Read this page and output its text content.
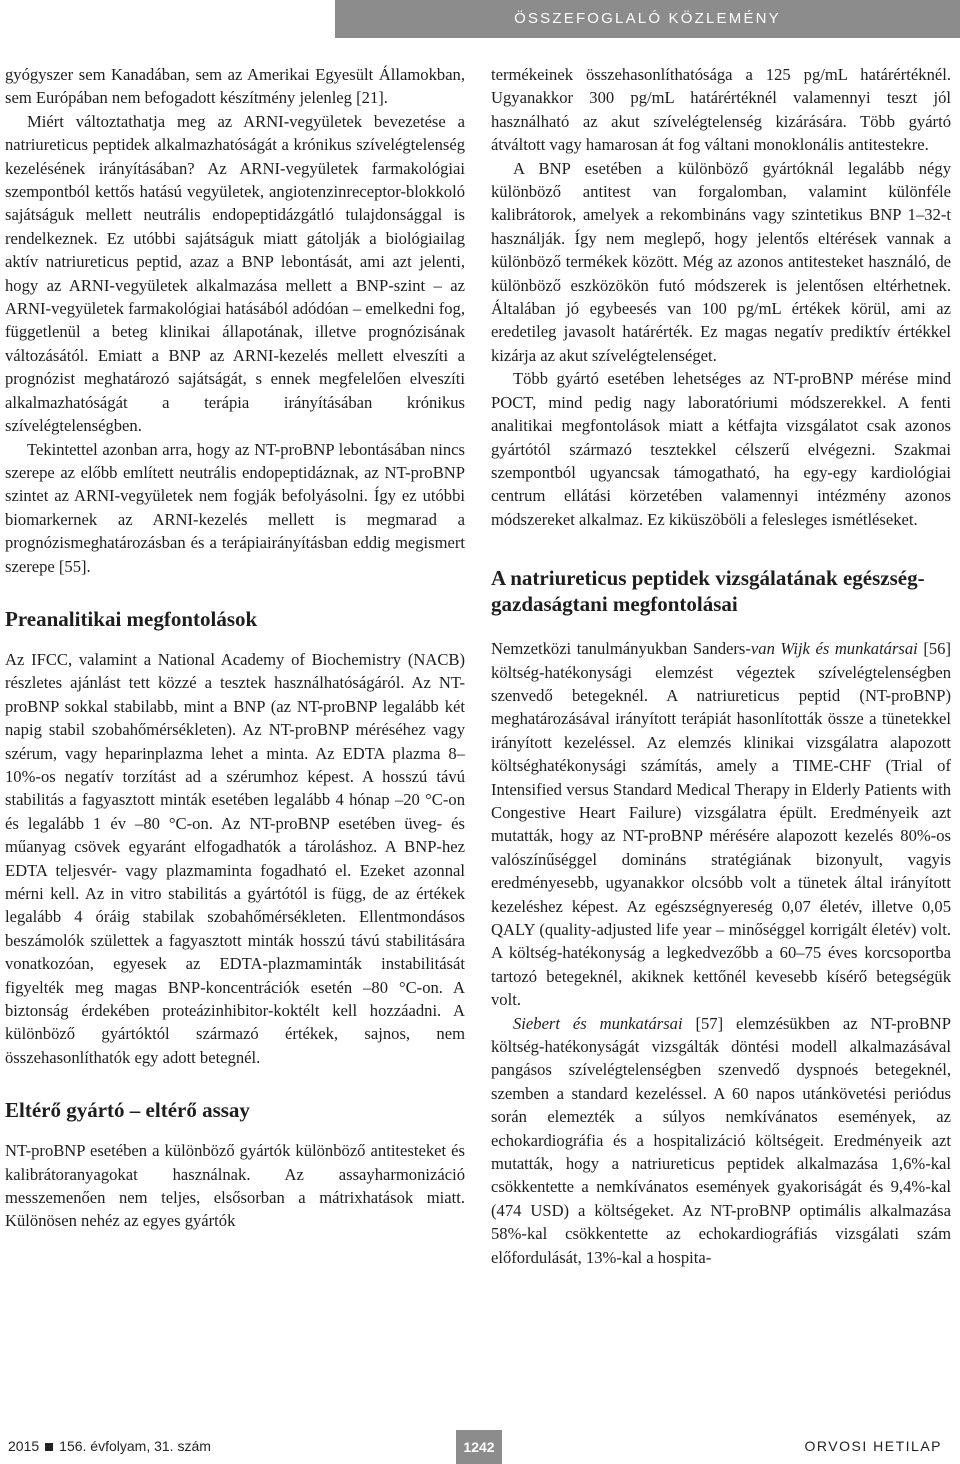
ÖSSZEFOGLALÓ KÖZLEMÉNY

gyógyszer sem Kanadában, sem az Amerikai Egyesült Államokban, sem Európában nem befogadott készítmény jelenleg [21].

Miért változtathatja meg az ARNI-vegyületek bevezetése a natriureticus peptidek alkalmazhatóságát a krónikus szívelégtelenség kezelésének irányításában? Az ARNI-vegyületek farmakológiai szempontból kettős hatású vegyületek, angiotenzinreceptor-blokkoló sajátságuk mellett neutrális endopeptidázgátló tulajdonsággal is rendelkeznek. Ez utóbbi sajátságuk miatt gátolják a biológiailag aktív natriureticus peptid, azaz a BNP lebontását, ami azt jelenti, hogy az ARNI-vegyületek alkalmazása mellett a BNP-szint – az ARNI-vegyületek farmakológiai hatásából adódóan – emelkedni fog, függetlenül a beteg klinikai állapotának, illetve prognózisának változásától. Emiatt a BNP az ARNI-kezelés mellett elveszíti a prognózist meghatározó sajátságát, s ennek megfelelően elveszíti alkalmazhatóságát a terápia irányításában krónikus szívelégtelenségben.

Tekintettel azonban arra, hogy az NT-proBNP lebontásában nincs szerepe az előbb említett neutrális endopeptidáznak, az NT-proBNP szintet az ARNI-vegyületek nem fogják befolyásolni. Így ez utóbbi biomarkernek az ARNI-kezelés mellett is megmarad a prognózismeghatározásban és a terápiairányításban eddig megismert szerepe [55].

Preanalitikai megfontolások

Az IFCC, valamint a National Academy of Biochemistry (NACB) részletes ajánlást tett közzé a tesztek használhatóságáról. Az NT-proBNP sokkal stabilabb, mint a BNP (az NT-proBNP legalább két napig stabil szobahőmérsékleten). Az NT-proBNP méréséhez vagy szérum, vagy heparinplazma lehet a minta. Az EDTA plazma 8–10%-os negatív torzítást ad a szérumhoz képest. A hosszú távú stabilitás a fagyasztott minták esetében legalább 4 hónap –20 °C-on és legalább 1 év –80 °C-on. Az NT-proBNP esetében üveg- és műanyag csövek egyaránt elfogadhatók a tároláshoz. A BNP-hez EDTA teljesvér- vagy plazmaminta fogadható el. Ezeket azonnal mérni kell. Az in vitro stabilitás a gyártótól is függ, de az értékek legalább 4 óráig stabilak szobahőmérsékleten. Ellentmondásos beszámolók születtek a fagyasztott minták hosszú távú stabilitására vonatkozóan, egyesek az EDTA-plazmaminták instabilitását figyelték meg magas BNP-koncentrációk esetén –80 °C-on. A biztonság érdekében proteázinhibitor-koktélt kell hozzáadni. A különböző gyártóktól származó értékek, sajnos, nem összehasonlíthatók egy adott betegnél.

Eltérő gyártó – eltérő assay

NT-proBNP esetében a különböző gyártók különböző antitesteket és kalibrátoranyagokat használnak. Az assayharmonizáció messzemenően nem teljes, elsősorban a mátrixhatások miatt. Különösen nehéz az egyes gyártók

termékeinek összehasonlíthatósága a 125 pg/mL határértéknél. Ugyanakkor 300 pg/mL határértéknél valamennyi teszt jól használható az akut szívelégtelenség kizárására. Több gyártó átváltott vagy hamarosan át fog váltani monoklonális antitestekre.

A BNP esetében a különböző gyártóknál legalább négy különböző antitest van forgalomban, valamint különféle kalibrátorok, amelyek a rekombináns vagy szintetikus BNP 1–32-t használják. Így nem meglepő, hogy jelentős eltérések vannak a különböző termékek között. Még az azonos antitesteket használó, de különböző eszközökön futó módszerek is jelentősen eltérhetnek. Általában jó egybeesés van 100 pg/mL értékek körül, ami az eredetileg javasolt határérték. Ez magas negatív prediktív értékkel kizárja az akut szívelégtelenséget.

Több gyártó esetében lehetséges az NT-proBNP mérése mind POCT, mind pedig nagy laboratóriumi módszerekkel. A fenti analitikai megfontolások miatt a kétfajta vizsgálatot csak azonos gyártótól származó tesztekkel célszerű elvégezni. Szakmai szempontból ugyancsak támogatható, ha egy-egy kardiológiai centrum ellátási körzetében valamennyi intézmény azonos módszereket alkalmaz. Ez kiküszöböli a felesleges ismétléseket.

A natriureticus peptidek vizsgálatának egészség-gazdaságtani megfontolásai

Nemzetközi tanulmányukban Sanders-van Wijk és munkatársai [56] költség-hatékonysági elemzést végeztek szívelégtelenségben szenvedő betegeknél. A natriureticus peptid (NT-proBNP) meghatározásával irányított terápiát hasonlították össze a tünetekkel irányított kezeléssel. Az elemzés klinikai vizsgálatra alapozott költséghatékonysági számítás, amely a TIME-CHF (Trial of Intensified versus Standard Medical Therapy in Elderly Patients with Congestive Heart Failure) vizsgálatra épült. Eredményeik azt mutatták, hogy az NT-proBNP mérésére alapozott kezelés 80%-os valószínűséggel domináns stratégiának bizonyult, vagyis eredményesebb, ugyanakkor olcsóbb volt a tünetek által irányított kezeléshez képest. Az egészségnyereség 0,07 életév, illetve 0,05 QALY (quality-adjusted life year – minőséggel korrigált életév) volt. A költség-hatékonyság a legkedvezőbb a 60–75 éves korcsoportba tartozó betegeknél, akiknek kettőnél kevesebb kísérő betegségük volt.

Siebert és munkatársai [57] elemzésükben az NT-proBNP költség-hatékonyságát vizsgálták döntési modell alkalmazásával pangásos szívelégtelenségben szenvedő dyspnoés betegeknél, szemben a standard kezeléssel. A 60 napos utánkövetési periódus során elemezték a súlyos nemkívánatos események, az echokardiográfia és a hospitalizáció költségeit. Eredményeik azt mutatták, hogy a natriureticus peptidek alkalmazása 1,6%-kal csökkentette a nemkívánatos események gyakoriságát és 9,4%-kal (474 USD) a költségeket. Az NT-proBNP optimális alkalmazása 58%-kal csökkentette az echokardiográfiás vizsgálati szám előfordulását, 13%-kal a hospita-

2015 156. évfolyam, 31. szám	ORVOSI HETILAP
1242
